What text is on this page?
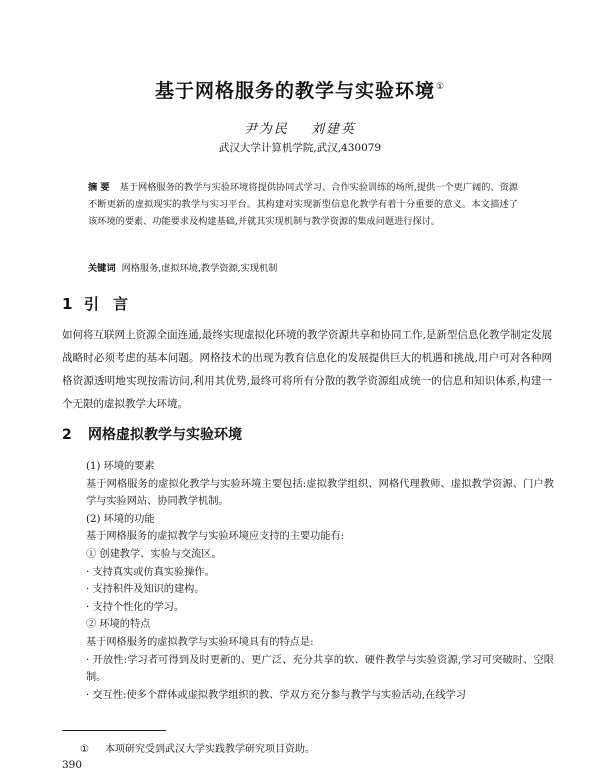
基于网格服务的教学与实验环境①
尹为民 刘建英
武汉大学计算机学院,武汉,430079
摘 要 基于网格服务的教学与实验环境将提供协同式学习、合作实验训练的场所,提供一个更广阔的、资源不断更新的虚拟现实的教学与实习平台。其构建对实现新型信息化教学有着十分重要的意义。本文描述了该环境的要素、功能要求及构建基础,并就其实现机制与教学资源的集成问题进行探讨。
关键词 网格服务,虚拟环境,教学资源,实现机制
1 引言
如何将互联网上资源全面连通,最终实现虚拟化环境的教学资源共享和协同工作,是新型信息化教学制定发展战略时必须考虑的基本问题。网格技术的出现为教育信息化的发展提供巨大的机遇和挑战,用户可对各种网格资源透明地实现按需访问,利用其优势,最终可将所有分散的教学资源组成统一的信息和知识体系,构建一个无限的虚拟教学大环境。
2 网格虚拟教学与实验环境
(1) 环境的要素
基于网格服务的虚拟化教学与实验环境主要包括:虚拟教学组织、网格代理教师、虚拟教学资源、门户教学与实验网站、协同教学机制。
(2) 环境的功能
基于网格服务的虚拟教学与实验环境应支持的主要功能有:
① 创建教学、实验与交流区。
· 支持真实或仿真实验操作。
· 支持积件及知识的建构。
· 支持个性化的学习。
② 环境的特点
基于网格服务的虚拟教学与实验环境具有的特点是:
· 开放性:学习者可得到及时更新的、更广泛、充分共享的软、硬件教学与实验资源,学习可突破时、空限制。
· 交互性:使多个群体或虚拟教学组织的教、学双方充分参与教学与实验活动,在线学习
① 本项研究受到武汉大学实践教学研究项目资助。
390
